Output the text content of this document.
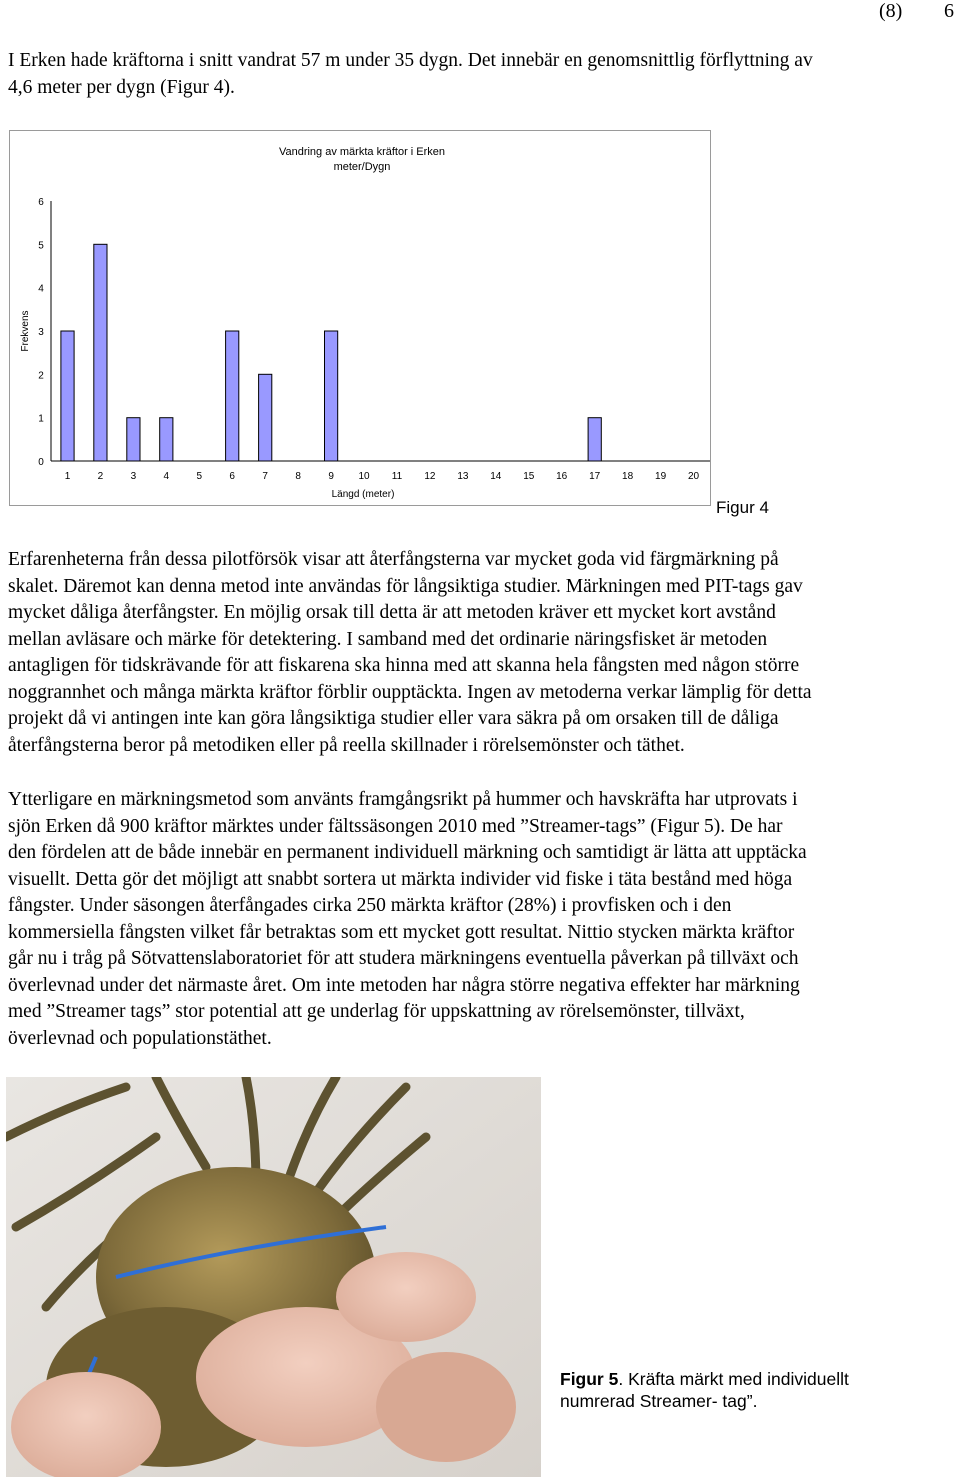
(8) 6

I Erken hade kräftorna i snitt vandrat 57 m under 35 dygn. Det innebär en genomsnittlig förflyttning av
4,6 meter per dygn (Figur 4).

Vandring av märkta kräftor i Erken
meter/Dygn
Frekvens
Längd (meter)
0
1
2
3
4
5
6
1	2	3	4	5	6	7	8	9 10 11 12 13 14 15 16 17 18 19 20
Figur 4

Erfarenheterna från dessa pilotförsök visar att återfångsterna var mycket goda vid färgmärkning på
skalet. Däremot kan denna metod inte användas för långsiktiga studier. Märkningen med PIT-tags gav
mycket dåliga återfångster. En möjlig orsak till detta är att metoden kräver ett mycket kort avstånd
mellan avläsare och märke för detektering. I samband med det ordinarie näringsfisket är metoden
antagligen för tidskrävande för att fiskarena ska hinna med att skanna hela fångsten med någon större
noggrannhet och många märkta kräftor förblir oupptäckta. Ingen av metoderna verkar lämplig för detta
projekt då vi antingen inte kan göra långsiktiga studier eller vara säkra på om orsaken till de dåliga
återfångsterna beror på metodiken eller på reella skillnader i rörelsemönster och täthet.

Ytterligare en märkningsmetod som använts framgångsrikt på hummer och havskräfta har utprovats i
sjön Erken då 900 kräftor märktes under fältssäsongen 2010 med ”Streamer-tags” (Figur 5). De har
den fördelen att de både innebär en permanent individuell märkning och samtidigt är lätta att upptäcka
visuellt. Detta gör det möjligt att snabbt sortera ut märkta individer vid fiske i täta bestånd med höga
fångster. Under säsongen återfångades cirka 250 märkta kräftor (28%) i provfisken och i den
kommersiella fångsten vilket får betraktas som ett mycket gott resultat. Nittio stycken märkta kräftor
går nu i tråg på Sötvattenslaboratoriet för att studera märkningens eventuella påverkan på tillväxt och
överlevnad under det närmaste året. Om inte metoden har några större negativa effekter har märkning
med ”Streamer tags” stor potential att ge underlag för uppskattning av rörelsemönster, tillväxt,
överlevnad och populationstäthet.

Figur 5. Kräfta märkt med individuellt
numrerad Streamer- tag”.
